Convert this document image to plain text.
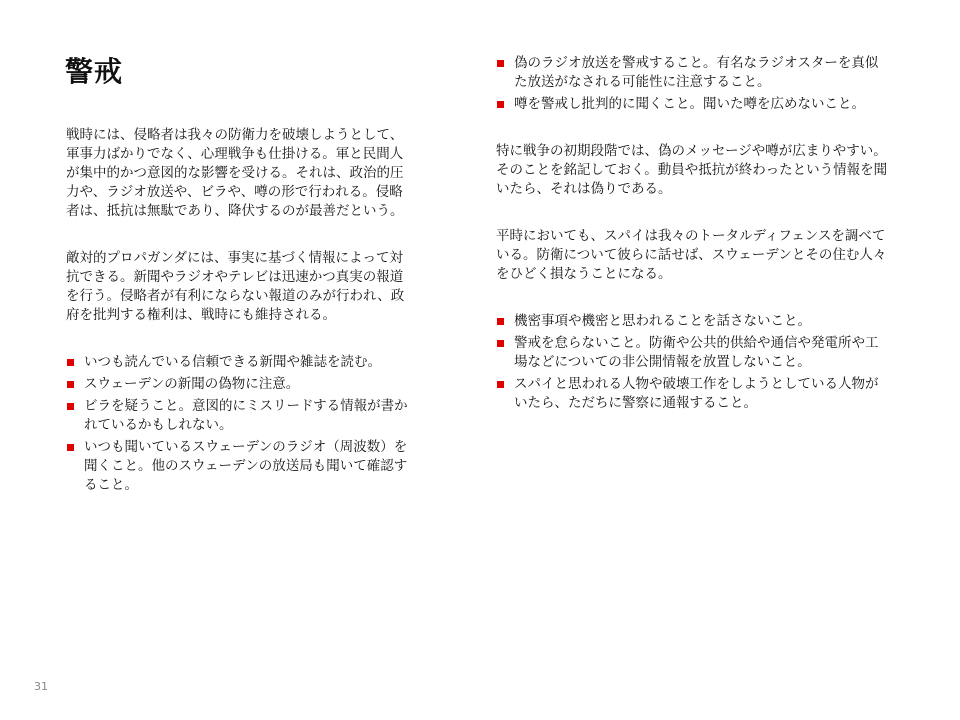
警戒

戦時には、侵略者は我々の防衛力を破壊しようとして、軍事力ばかりでなく、心理戦争も仕掛ける。軍と民間人が集中的かつ意図的な影響を受ける。それは、政治的圧力や、ラジオ放送や、ビラや、噂の形で行われる。侵略者は、抵抗は無駄であり、降伏するのが最善だという。

敵対的プロパガンダには、事実に基づく情報によって対抗できる。新聞やラジオやテレビは迅速かつ真実の報道を行う。侵略者が有利にならない報道のみが行われ、政府を批判する権利は、戦時にも維持される。

いつも読んでいる信頼できる新聞や雑誌を読む。
スウェーデンの新聞の偽物に注意。
ビラを疑うこと。意図的にミスリードする情報が書かれているかもしれない。
いつも聞いているスウェーデンのラジオ（周波数）を聞くこと。他のスウェーデンの放送局も聞いて確認すること。
偽のラジオ放送を警戒すること。有名なラジオスターを真似た放送がなされる可能性に注意すること。
噂を警戒し批判的に聞くこと。聞いた噂を広めないこと。

特に戦争の初期段階では、偽のメッセージや噂が広まりやすい。そのことを銘記しておく。動員や抵抗が終わったという情報を聞いたら、それは偽りである。

平時においても、スパイは我々のトータルディフェンスを調べている。防衛について彼らに話せば、スウェーデンとその住む人々をひどく損なうことになる。

機密事項や機密と思われることを話さないこと。
警戒を怠らないこと。防衛や公共的供給や通信や発電所や工場などについての非公開情報を放置しないこと。
スパイと思われる人物や破壊工作をしようとしている人物がいたら、ただちに警察に通報すること。
31
